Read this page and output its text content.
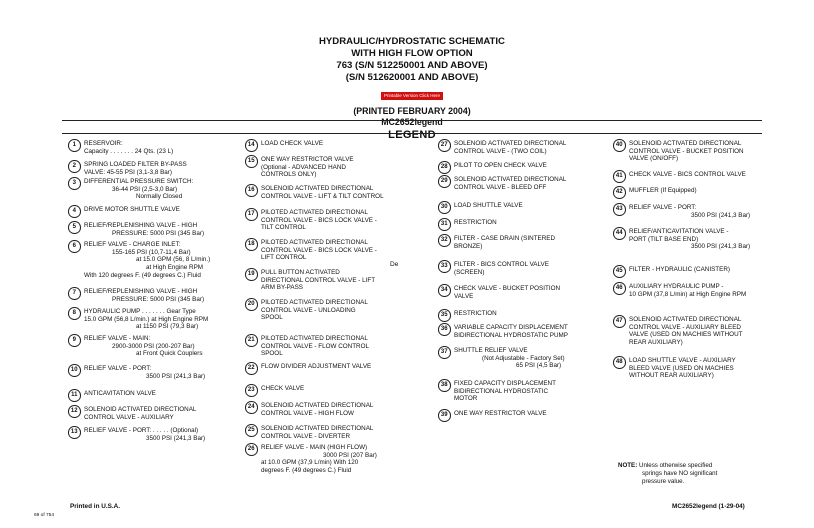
HYDRAULIC/HYDROSTATIC SCHEMATIC
WITH HIGH FLOW OPTION
763 (S/N 512250001 AND ABOVE)
(S/N 512620001 AND ABOVE)
Printable Version Click Here
(PRINTED FEBRUARY 2004)
MC2652legend
LEGEND
1	RESERVOIR:
Capacity . . . . . . . 24 Qts. (23 L)
2	SPRING LOADED FILTER BY-PASS
VALVE: 45-55 PSI (3,1-3,8 Bar)
3	DIFFERENTIAL PRESSURE SWITCH:
36-44 PSI (2,5-3,0 Bar)
Normally Closed
4	DRIVE MOTOR SHUTTLE VALVE
5	RELIEF/REPLENISHING VALVE - HIGH
PRESSURE: 5000 PSI (345 Bar)
6	RELIEF VALVE - CHARGE INLET:
155-165 PSI (10,7-11,4 Bar)
at 15.0 GPM (56, 8 L/min.)
at High Engine RPM
With 120 degrees F. (49 degrees C.) Fluid
7	RELIEF/REPLENISHING VALVE - HIGH
PRESSURE: 5000 PSI (345 Bar)
8	HYDRAULIC PUMP . . . . . . . Gear Type
15.0 GPM (56,8 L/min.) at High Engine RPM
at 1150 PSI (79,3 Bar)
9	RELIEF VALVE - MAIN:
2900-3000 PSI (200-207 Bar)
at Front Quick Couplers
10	RELIEF VALVE - PORT:
3500 PSI (241,3 Bar)
11	ANTICAVITATION VALVE
12	SOLENOID ACTIVATED DIRECTIONAL
CONTROL VALVE - AUXILIARY
13	RELIEF VALVE - PORT: . . . . . (Optional)
3500 PSI (241,3 Bar)
14	LOAD CHECK VALVE
15	ONE WAY RESTRICTOR VALVE
(Optional - ADVANCED HAND
CONTROLS ONLY)
16	SOLENOID ACTIVATED DIRECTIONAL
CONTROL VALVE - LIFT & TILT CONTROL
17	PILOTED ACTIVATED DIRECTIONAL
CONTROL VALVE - BICS LOCK VALVE -
TILT CONTROL
18	PILOTED ACTIVATED DIRECTIONAL
CONTROL VALVE - BICS LOCK VALVE -
LIFT CONTROL
19	PULL BUTTON ACTIVATED
DIRECTIONAL CONTROL VALVE - LIFT
ARM BY-PASS
20	PILOTED ACTIVATED DIRECTIONAL
CONTROL VALVE - UNLOADING
SPOOL
21	PILOTED ACTIVATED DIRECTIONAL
CONTROL VALVE - FLOW CONTROL
SPOOL
22	FLOW DIVIDER ADJUSTMENT VALVE
23	CHECK VALVE
24	SOLENOID ACTIVATED DIRECTIONAL
CONTROL VALVE - HIGH FLOW
25	SOLENOID ACTIVATED DIRECTIONAL
CONTROL VALVE - DIVERTER
26	RELIEF VALVE - MAIN (HIGH FLOW)
3000 PSI (207 Bar)
at 10.0 GPM (37,9 L/min) With 120
degrees F. (49 degrees C.) Fluid
27	SOLENOID ACTIVATED DIRECTIONAL
CONTROL VALVE - (TWO COIL)
28	PILOT TO OPEN CHECK VALVE
29	SOLENOID ACTIVATED DIRECTIONAL
CONTROL VALVE - BLEED OFF
30	LOAD SHUTTLE VALVE
31	RESTRICTION
32	FILTER - CASE DRAIN (SINTERED
BRONZE)
33	FILTER - BICS CONTROL VALVE
(SCREEN)
34	CHECK VALVE - BUCKET POSITION
VALVE
35	RESTRICTION
36	VARIABLE CAPACITY DISPLACEMENT
BIDIRECTIONAL HYDROSTATIC PUMP
37	SHUTTLE RELIEF VALVE
(Not Adjustable - Factory Set)
65 PSI (4,5 Bar)
38	FIXED CAPACITY DISPLACEMENT
BIDIRECTIONAL HYDROSTATIC
MOTOR
39	ONE WAY RESTRICTOR VALVE
40	SOLENOID ACTIVATED DIRECTIONAL
CONTROL VALVE - BUCKET POSITION
VALVE (ON/OFF)
41	CHECK VALVE - BICS CONTROL VALVE
42	MUFFLER (If Equipped)
43	RELIEF VALVE - PORT:
3500 PSI (241,3 Bar)
44	RELIEF/ANTICAVITATION VALVE -
PORT (TILT BASE END)
3500 PSI (241,3 Bar)
45	FILTER - HYDRAULIC (CANISTER)
46	AUXILIARY HYDRAULIC PUMP -
10 GPM (37,8 L/min) at High Engine RPM
47	SOLENOID ACTIVATED DIRECTIONAL
CONTROL VALVE - AUXILIARY BLEED
VALVE (USED ON MACHIES WITHOUT
REAR AUXILIARY)
48	LOAD SHUTTLE VALVE - AUXILIARY
BLEED VALVE (USED ON MACHIES
WITHOUT REAR AUXILIARY)
De
NOTE: Unless otherwise specified
springs have NO significant
pressure value.
Printed in U.S.A.	MC2652legend (1-29-04)
69 of 754
